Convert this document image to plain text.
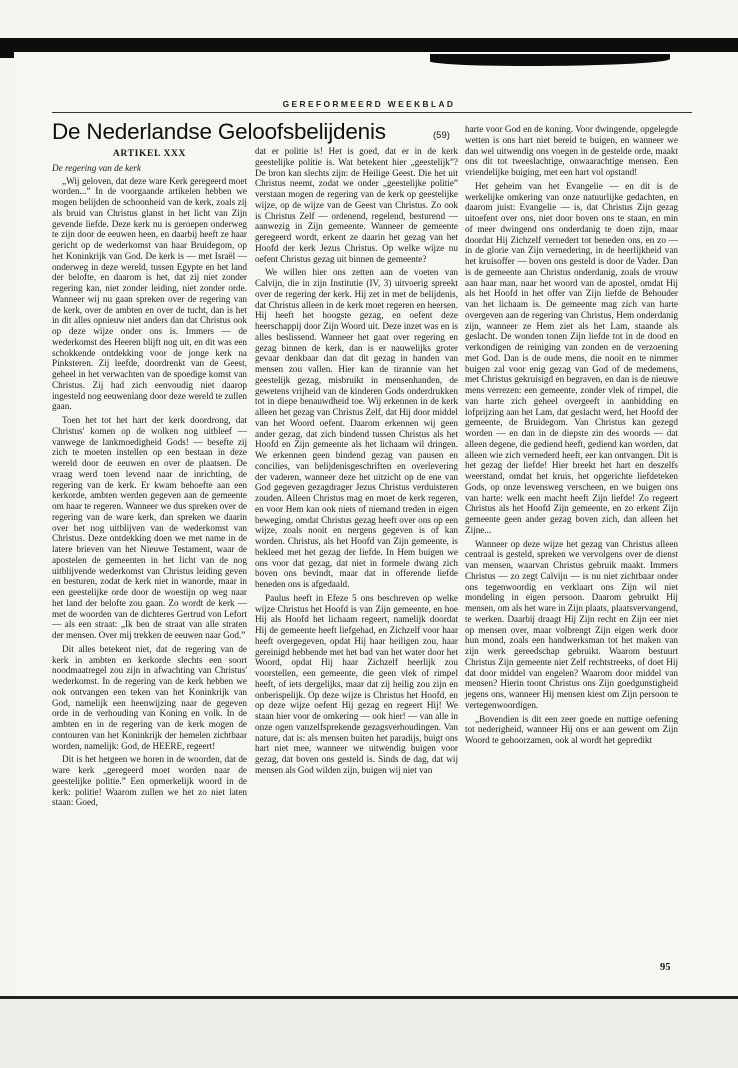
GEREFORMEERD WEEKBLAD
De Nederlandse Geloofsbelijdenis	(59)
ARTIKEL XXX
De regering van de kerk

„Wij geloven, dat deze ware Kerk geregeerd moet worden...” In de voorgaande artikelen hebben we mogen belijden de schoonheid van de kerk, zoals zij als bruid van Christus glanst in het licht van Zijn gevende liefde. Deze kerk nu is geroepen onderweg te zijn door de eeuwen heen, en daarbij heeft ze haar gericht op de wederkomst van haar Bruidegom, op het Koninkrijk van God. De kerk is — met Israël — onderweg in deze wereld, tussen Egypte en het land der belofte, en daarom is het, dat zij niet zonder regering kan, niet zonder leiding, niet zonder orde. Wanneer wij nu gaan spreken over de regering van de kerk, over de ambten en over de tucht, dan is het in dit alles opnieuw niet anders dan dat Christus ook op deze wijze onder ons is. Immers — de wederkomst des Heeren blijft nog uit, en dit was een schokkende ontdekking voor de jonge kerk na Pinksteren. Zij leefde, doordrenkt van de Geest, geheel in het verwachten van de spoedige komst van Christus. Zij had zich eenvoudig niet daarop ingesteld nog eeuwenlang door deze wereld te zullen gaan.

Toen het tot het hart der kerk doordrong, dat Christus' komen op de wolken nog uitbleef — vanwege de lankmoedigheid Gods! — besefte zij zich te moeten instellen op een bestaan in deze wereld door de eeuwen en over de plaatsen. De vraag werd toen levend naar de inrichting, de regering van de kerk. Er kwam behoefte aan een kerkorde, ambten werden gegeven aan de gemeente om haar te regeren. Wanneer we dus spreken over de regering van de ware kerk, dan spreken we daarin over het nog uitblijven van de wederkomst van Christus. Deze ontdekking doen we met name in de latere brieven van het Nieuwe Testament, waar de apostelen de gemeenten in het licht van de nog uitblijvende wederkomst van Christus leiding geven en besturen, zodat de kerk niet in wanorde, maar in een geestelijke orde door de woestijn op weg naar het land der belofte zou gaan. Zo wordt de kerk — met de woorden van de dichteres Gertrud von Lefort — als een straat: „Ik ben de straat van alle straten der mensen. Over mij trekken de eeuwen naar God.”

Dit alles betekent niet, dat de regering van de kerk in ambten en kerkorde slechts een soort noodmaatregel zou zijn in afwachting van Christus' wederkomst. In de regering van de kerk hebben we ook ontvangen een teken van het Koninkrijk van God, namelijk een heenwijzing naar de gegeven orde in de verhouding van Koning en volk. In de ambten en in de regering van de kerk mogen de contouren van het Koninkrijk der hemelen zichtbaar worden, namelijk: God, de HEERE, regeert!

Dit is het hetgeen we horen in de woorden, dat de ware kerk „geregeerd moet worden naar de geestelijke politie.” Een opmerkelijk woord in de kerk: politie! Waarom zullen we het zo niet laten staan: Goed,

dat er politie is! Het is goed, dat er in de kerk geestelijke politie is. Wat betekent hier „geestelijk”? De bron kan slechts zijn: de Heilige Geest. Die het uit Christus neemt, zodat we onder „geestelijke politie” verstaan mogen de regering van de kerk op geestelijke wijze, op de wijze van de Geest van Christus. Zo ook is Christus Zelf — ordenend, regelend, besturend — aanwezig in Zijn gemeente. Wanneer de gemeente geregeerd wordt, erkent ze daarin het gezag van het Hoofd der kerk Jezus Christus. Op welke wijze nu oefent Christus gezag uit binnen de gemeente?

We willen hier ons zetten aan de voeten van Calvijn, die in zijn Institutie (IV, 3) uitvoerig spreekt over de regering der kerk. Hij zet in met de belijdenis, dat Christus alleen in de kerk moet regeren en heersen. Hij heeft het hoogste gezag, en oefent deze heerschappij door Zijn Woord uit. Deze inzet was en is alles beslissend. Wanneer het gaat over regering en gezag binnen de kerk, dan is er nauwelijks groter gevaar denkbaar dan dat dit gezag in handen van mensen zou vallen. Hier kan de tirannie van het geestelijk gezag, misbruikt in mensenhanden, de gewetens vrijheid van de kinderen Gods onderdrukken tot in diepe benauwdheid toe. Wij erkennen in de kerk alleen het gezag van Christus Zelf, dat Hij door middel van het Woord oefent. Daarom erkennen wij geen ander gezag, dat zich bindend tussen Christus als het Hoofd en Zijn gemeente als het lichaam wil dringen. We erkennen geen bindend gezag van pausen en concilies, van belijdenisgeschriften en overlevering der vaderen, wanneer deze het uitzicht op de ene van God gegeven gezagdrager Jezus Christus verduisteren zouden. Alleen Christus mag en moet de kerk regeren, en voor Hem kan ook niets of niemand treden in eigen beweging, omdat Christus gezag heeft over ons op een wijze, zoals nooit en nergens gegeven is of kan worden. Christus, als het Hoofd van Zijn gemeente, is bekleed met het gezag der liefde. In Hem buigen we ons voor dat gezag, dat niet in formele dwang zich boven ons bevindt, maar dat in offerende liefde beneden ons is afgedaald.

Paulus heeft in Efeze 5 ons beschreven op welke wijze Christus het Hoofd is van Zijn gemeente, en hoe Hij als Hoofd het lichaam regeert, namelijk doordat Hij de gemeente heeft liefgehad, en Zichzelf voor haar heeft overgegeven, opdat Hij haar heiligen zou, haar gereinigd hebbende met het bad van het water door het Woord, opdat Hij haar Zichzelf heerlijk zou voorstellen, een gemeente, die geen vlek of rimpel heeft, of iets dergelijks, maar dat zij heilig zou zijn en onberispelijk. Op deze wijze is Christus het Hoofd, en op deze wijze oefent Hij gezag en regeert Hij! We staan hier voor de omkering — ook hier! — van alle in onze ogen vanzelfsprekende gezagsverhoudingen. Van nature, dat is: als mensen buiten het paradijs, buigt ons hart niet mee, wanneer we uitwendig buigen voor gezag, dat boven ons gesteld is. Sinds de dag, dat wij mensen als God wilden zijn, buigen wij niet van

harte voor God en de koning. Voor dwingende, opgelegde wetten is ons hart niet bereid te buigen, en wanneer we dan wel uitwendig ons voegen in de gestelde orde, maakt ons dit tot tweeslachtige, onwaarachtige mensen. Een vriendelijke buiging, met een hart vol opstand!

Het geheim van het Evangelie — en dit is de werkelijke omkering van onze natuurlijke gedachten, en daarom juist: Evangelie — is, dat Christus Zijn gezag uitoefent over ons, niet door boven ons te staan, en min of meer dwingend ons onderdanig te doen zijn, maar doordat Hij Zichzelf vernedert tot beneden ons, en zo — in de glorie van Zijn vernedering, in de heerlijkheid van het kruisoffer — boven ons gesteld is door de Vader. Dan is de gemeente aan Christus onderdanig, zoals de vrouw aan haar man, naar het woord van de apostel, omdat Hij als het Hoofd in het offer van Zijn liefde de Behouder van het lichaam is. De gemeente mag zich van harte overgeven aan de regering van Christus, Hem onderdanig zijn, wanneer ze Hem ziet als het Lam, staande als geslacht. De wonden tonen Zijn liefde tot in de dood en verkondigen de reiniging van zonden en de verzoening met God. Dan is de oude mens, die nooit en te nimmer buigen zal voor enig gezag van God of de medemens, met Christus gekruisigd en begraven, en dan is de nieuwe mens verrezen: een gemeente, zonder vlek of rimpel, die van harte zich geheel overgeeft in aanbidding en lofprijzing aan het Lam, dat geslacht werd, het Hoofd der gemeente, de Bruidegom. Van Christus kan gezegd worden — en dan in de diepste zin des woords — dat alleen degene, die gediend heeft, gediend kan worden, dat alleen wie zich vernederd heeft, eer kan ontvangen. Dit is het gezag der liefde! Hier breekt het hart en deszelfs weerstand, omdat het kruis, het opgerichte liefdeteken Gods, op onze levensweg verscheen, en we buigen ons van harte: welk een macht heeft Zijn liefde! Zo regeert Christus als het Hoofd Zijn gemeente, en zo erkent Zijn gemeente geen ander gezag boven zich, dan alleen het Zijne...

Wanneer op deze wijze het gezag van Christus alleen centraal is gesteld, spreken we vervolgens over de dienst van mensen, waarvan Christus gebruik maakt. Immers Christus — zo zegt Calvijn — is nu niet zichtbaar onder ons tegenwoordig en verklaart ons Zijn wil niet mondeling in eigen persoon. Daarom gebruikt Hij mensen, om als het ware in Zijn plaats, plaatsvervangend, te werken. Daarbij draagt Hij Zijn recht en Zijn eer niet op mensen over, maar volbrengt Zijn eigen werk door hun mond, zoals een handwerksman tot het maken van zijn werk gereedschap gebruikt. Waarom bestuurt Christus Zijn gemeente niet Zelf rechtstreeks, of doet Hij dat door middel van engelen? Waarom door middel van mensen? Hierin toont Christus ons Zijn goedgunstigheid jegens ons, wanneer Hij mensen kiest om Zijn persoon te vertegenwoordigen.

„Bovendien is dit een zeer goede en nuttige oefening tot nederigheid, wanneer Hij ons er aan gewent om Zijn Woord te gehoorzamen, ook al wordt het gepredikt

95
